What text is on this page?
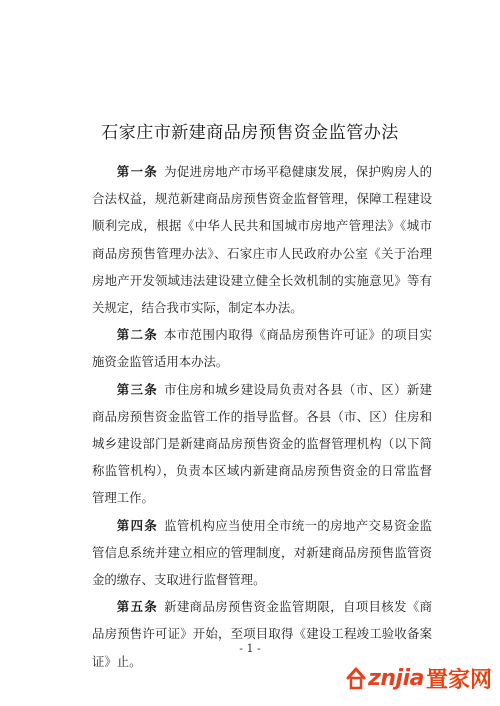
石家庄市新建商品房预售资金监管办法

第一条 为促进房地产市场平稳健康发展，保护购房人的合法权益，规范新建商品房预售资金监督管理，保障工程建设顺利完成，根据《中华人民共和国城市房地产管理法》《城市商品房预售管理办法》、石家庄市人民政府办公室《关于治理房地产开发领域违法建设建立健全长效机制的实施意见》等有关规定，结合我市实际，制定本办法。

第二条 本市范围内取得《商品房预售许可证》的项目实施资金监管适用本办法。

第三条 市住房和城乡建设局负责对各县（市、区）新建商品房预售资金监管工作的指导监督。各县（市、区）住房和城乡建设部门是新建商品房预售资金的监督管理机构（以下简称监管机构），负责本区域内新建商品房预售资金的日常监督管理工作。

第四条 监管机构应当使用全市统一的房地产交易资金监管信息系统并建立相应的管理制度，对新建商品房预售监管资金的缴存、支取进行监督管理。

第五条 新建商品房预售资金监管期限，自项目核发《商品房预售许可证》开始，至项目取得《建设工程竣工验收备案证》止。

- 1 -
znjia 置家网
